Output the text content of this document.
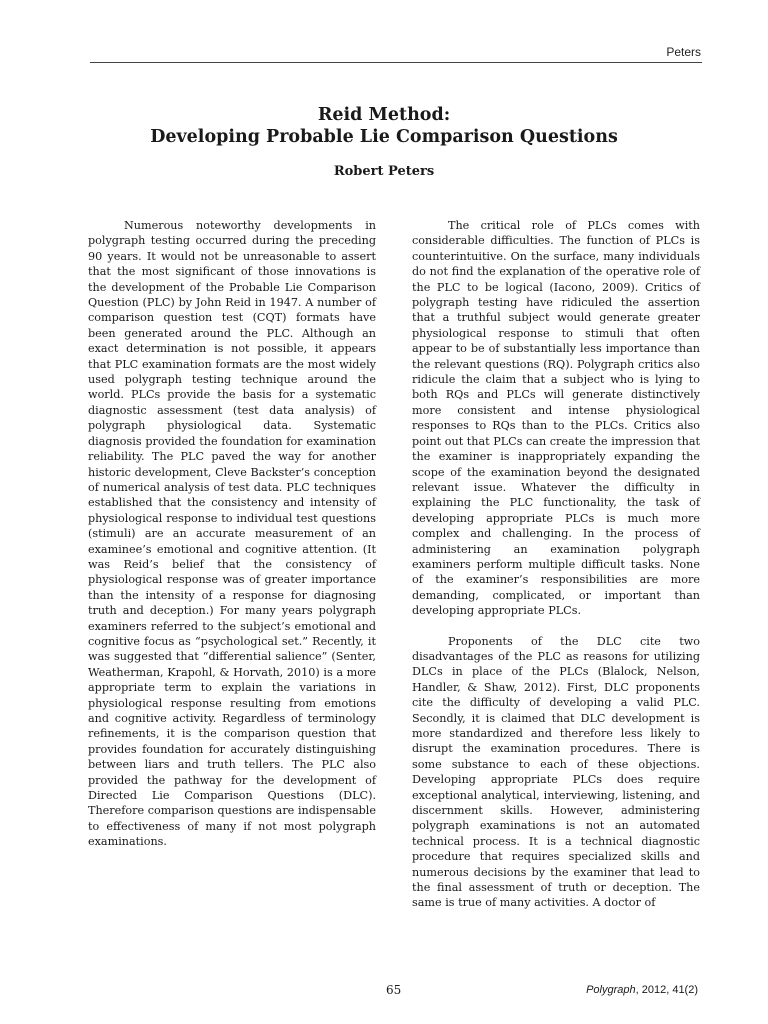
Peters
Reid Method:
Developing Probable Lie Comparison Questions
Robert Peters

Numerous noteworthy developments in polygraph testing occurred during the preceding 90 years. It would not be unreasonable to assert that the most significant of those innovations is the development of the Probable Lie Comparison Question (PLC) by John Reid in 1947. A number of comparison question test (CQT) formats have been generated around the PLC. Although an exact determination is not possible, it appears that PLC examination formats are the most widely used polygraph testing technique around the world. PLCs provide the basis for a systematic diagnostic assessment (test data analysis) of polygraph physiological data. Systematic diagnosis provided the foundation for examination reliability. The PLC paved the way for another historic development, Cleve Backster’s conception of numerical analysis of test data. PLC techniques established that the consistency and intensity of physiological response to individual test questions (stimuli) are an accurate measurement of an examinee’s emotional and cognitive attention. (It was Reid’s belief that the consistency of physiological response was of greater importance than the intensity of a response for diagnosing truth and deception.) For many years polygraph examiners referred to the subject’s emotional and cognitive focus as “psychological set.” Recently, it was suggested that “differential salience” (Senter, Weatherman, Krapohl, & Horvath, 2010) is a more appropriate term to explain the variations in physiological response resulting from emotions and cognitive activity. Regardless of terminology refinements, it is the comparison question that provides foundation for accurately distinguishing between liars and truth tellers. The PLC also provided the pathway for the development of Directed Lie Comparison Questions (DLC). Therefore comparison questions are indispensable to effectiveness of many if not most polygraph examinations.

The critical role of PLCs comes with considerable difficulties. The function of PLCs is counterintuitive. On the surface, many individuals do not find the explanation of the operative role of the PLC to be logical (Iacono, 2009). Critics of polygraph testing have ridiculed the assertion that a truthful subject would generate greater physiological response to stimuli that often appear to be of substantially less importance than the relevant questions (RQ). Polygraph critics also ridicule the claim that a subject who is lying to both RQs and PLCs will generate distinctively more consistent and intense physiological responses to RQs than to the PLCs. Critics also point out that PLCs can create the impression that the examiner is inappropriately expanding the scope of the examination beyond the designated relevant issue. Whatever the difficulty in explaining the PLC functionality, the task of developing appropriate PLCs is much more complex and challenging. In the process of administering an examination polygraph examiners perform multiple difficult tasks. None of the examiner’s responsibilities are more demanding, complicated, or important than developing appropriate PLCs.

Proponents of the DLC cite two disadvantages of the PLC as reasons for utilizing DLCs in place of the PLCs (Blalock, Nelson, Handler, & Shaw, 2012). First, DLC proponents cite the difficulty of developing a valid PLC. Secondly, it is claimed that DLC development is more standardized and therefore less likely to disrupt the examination procedures. There is some substance to each of these objections. Developing appropriate PLCs does require exceptional analytical, interviewing, listening, and discernment skills. However, administering polygraph examinations is not an automated technical process. It is a technical diagnostic procedure that requires specialized skills and numerous decisions by the examiner that lead to the final assessment of truth or deception. The same is true of many activities. A doctor of

65	Polygraph, 2012, 41(2)
